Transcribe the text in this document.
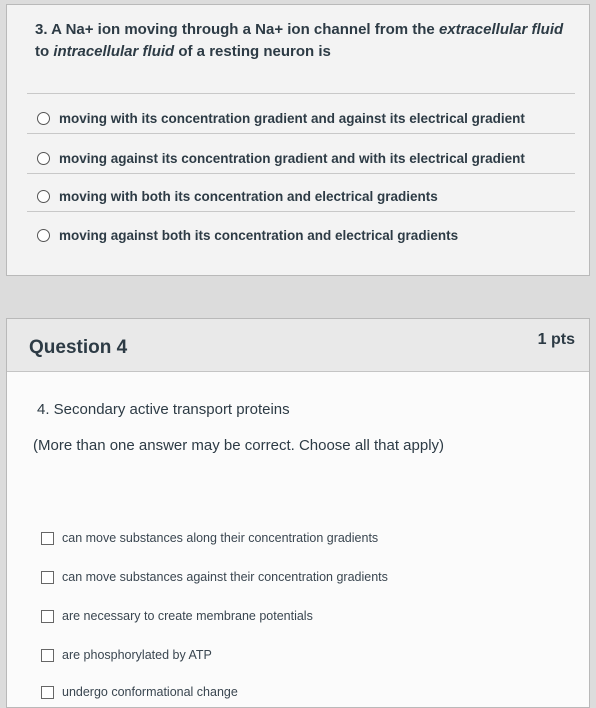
3. A Na+ ion moving through a Na+ ion channel from the extracellular fluid to intracellular fluid of a resting neuron is
moving with its concentration gradient and against its electrical gradient
moving against its concentration gradient and with its electrical gradient
moving with both its concentration and electrical gradients
moving against both its concentration and electrical gradients
Question 4	1 pts
4. Secondary active transport proteins
(More than one answer may be correct. Choose all that apply)
can move substances along their concentration gradients
can move substances against their concentration gradients
are necessary to create membrane potentials
are phosphorylated by ATP
undergo conformational change
